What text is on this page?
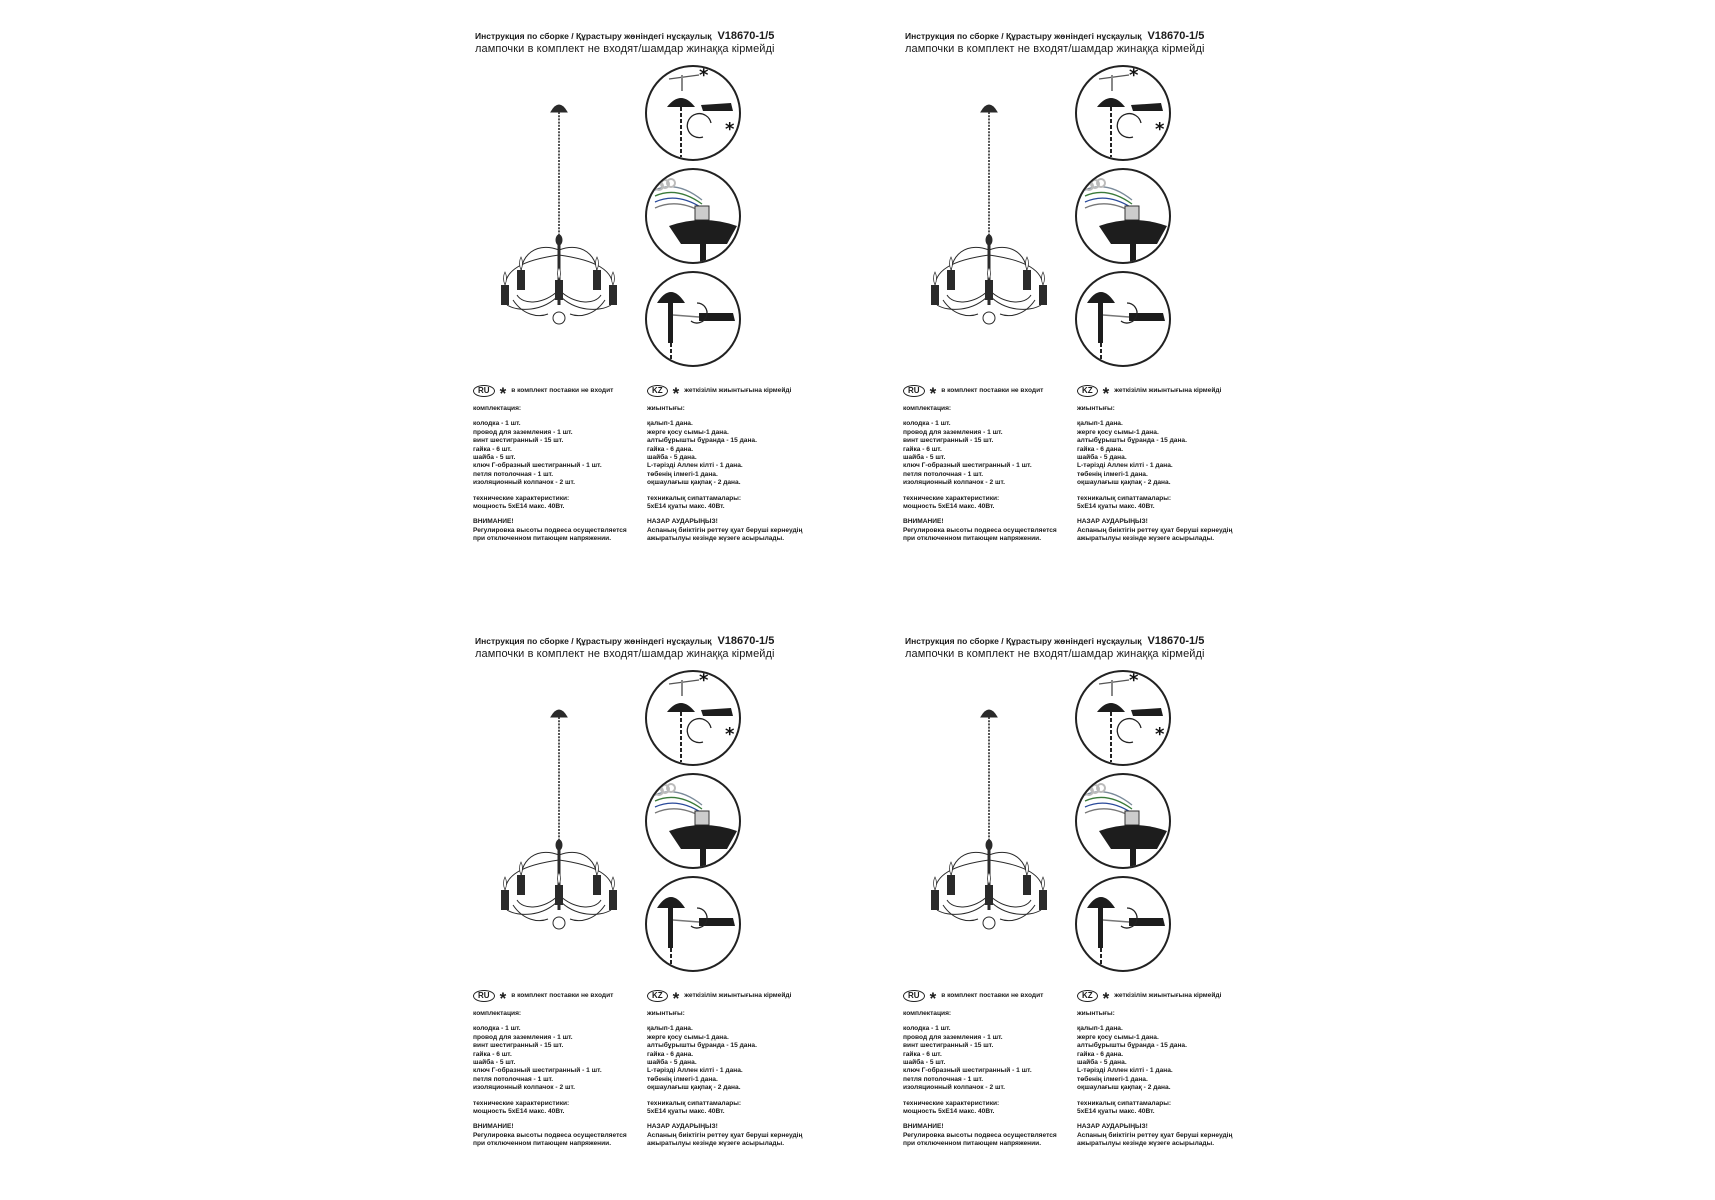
Инструкция по сборке / Құрастыру жөніндегі нұсқаулық V18670-1/5
лампочки в комплект не входят/шамдар жинаққа кірмейді
*
*
RU * в комплект поставки не входит
комплектация:
колодка - 1 шт.
провод для заземления - 1 шт.
винт шестигранный - 15 шт.
гайка - 6 шт.
шайба - 5 шт.
ключ Г-образный шестигранный - 1 шт.
петля потолочная - 1 шт.
изоляционный колпачок - 2 шт.
технические характеристики:
мощность 5xE14 макс. 40Вт.
ВНИМАНИЕ!
Регулировка высоты подвеса осуществляется
при отключенном питающем напряжении.
KZ * жеткізілім жиынтығына кірмейді
жиынтығы:
қалып-1 дана.
жерге қосу сымы-1 дана.
алтыбұрышты бұранда - 15 дана.
гайка - 6 дана.
шайба - 5 дана.
L-тәрізді Аллен кілті - 1 дана.
төбенің ілмегі-1 дана.
оқшаулағыш қақпақ - 2 дана.
техникалық сипаттамалары:
5xE14 қуаты макс. 40Вт.
НАЗАР АУДАРЫҢЫЗ!
Аспаның биіктігін реттеу қуат беруші кернеудің
ажыратылуы кезінде жүзеге асырылады.
Инструкция по сборке / Құрастыру жөніндегі нұсқаулық V18670-1/5
лампочки в комплект не входят/шамдар жинаққа кірмейді
*
*
RU * в комплект поставки не входит
комплектация:
колодка - 1 шт.
провод для заземления - 1 шт.
винт шестигранный - 15 шт.
гайка - 6 шт.
шайба - 5 шт.
ключ Г-образный шестигранный - 1 шт.
петля потолочная - 1 шт.
изоляционный колпачок - 2 шт.
технические характеристики:
мощность 5xE14 макс. 40Вт.
ВНИМАНИЕ!
Регулировка высоты подвеса осуществляется
при отключенном питающем напряжении.
KZ * жеткізілім жиынтығына кірмейді
жиынтығы:
қалып-1 дана.
жерге қосу сымы-1 дана.
алтыбұрышты бұранда - 15 дана.
гайка - 6 дана.
шайба - 5 дана.
L-тәрізді Аллен кілті - 1 дана.
төбенің ілмегі-1 дана.
оқшаулағыш қақпақ - 2 дана.
техникалық сипаттамалары:
5xE14 қуаты макс. 40Вт.
НАЗАР АУДАРЫҢЫЗ!
Аспаның биіктігін реттеу қуат беруші кернеудің
ажыратылуы кезінде жүзеге асырылады.
Инструкция по сборке / Құрастыру жөніндегі нұсқаулық V18670-1/5
лампочки в комплект не входят/шамдар жинаққа кірмейді
*
*
RU * в комплект поставки не входит
комплектация:
колодка - 1 шт.
провод для заземления - 1 шт.
винт шестигранный - 15 шт.
гайка - 6 шт.
шайба - 5 шт.
ключ Г-образный шестигранный - 1 шт.
петля потолочная - 1 шт.
изоляционный колпачок - 2 шт.
технические характеристики:
мощность 5xE14 макс. 40Вт.
ВНИМАНИЕ!
Регулировка высоты подвеса осуществляется
при отключенном питающем напряжении.
KZ * жеткізілім жиынтығына кірмейді
жиынтығы:
қалып-1 дана.
жерге қосу сымы-1 дана.
алтыбұрышты бұранда - 15 дана.
гайка - 6 дана.
шайба - 5 дана.
L-тәрізді Аллен кілті - 1 дана.
төбенің ілмегі-1 дана.
оқшаулағыш қақпақ - 2 дана.
техникалық сипаттамалары:
5xE14 қуаты макс. 40Вт.
НАЗАР АУДАРЫҢЫЗ!
Аспаның биіктігін реттеу қуат беруші кернеудің
ажыратылуы кезінде жүзеге асырылады.
Инструкция по сборке / Құрастыру жөніндегі нұсқаулық V18670-1/5
лампочки в комплект не входят/шамдар жинаққа кірмейді
*
*
RU * в комплект поставки не входит
комплектация:
колодка - 1 шт.
провод для заземления - 1 шт.
винт шестигранный - 15 шт.
гайка - 6 шт.
шайба - 5 шт.
ключ Г-образный шестигранный - 1 шт.
петля потолочная - 1 шт.
изоляционный колпачок - 2 шт.
технические характеристики:
мощность 5xE14 макс. 40Вт.
ВНИМАНИЕ!
Регулировка высоты подвеса осуществляется
при отключенном питающем напряжении.
KZ * жеткізілім жиынтығына кірмейді
жиынтығы:
қалып-1 дана.
жерге қосу сымы-1 дана.
алтыбұрышты бұранда - 15 дана.
гайка - 6 дана.
шайба - 5 дана.
L-тәрізді Аллен кілті - 1 дана.
төбенің ілмегі-1 дана.
оқшаулағыш қақпақ - 2 дана.
техникалық сипаттамалары:
5xE14 қуаты макс. 40Вт.
НАЗАР АУДАРЫҢЫЗ!
Аспаның биіктігін реттеу қуат беруші кернеудің
ажыратылуы кезінде жүзеге асырылады.
